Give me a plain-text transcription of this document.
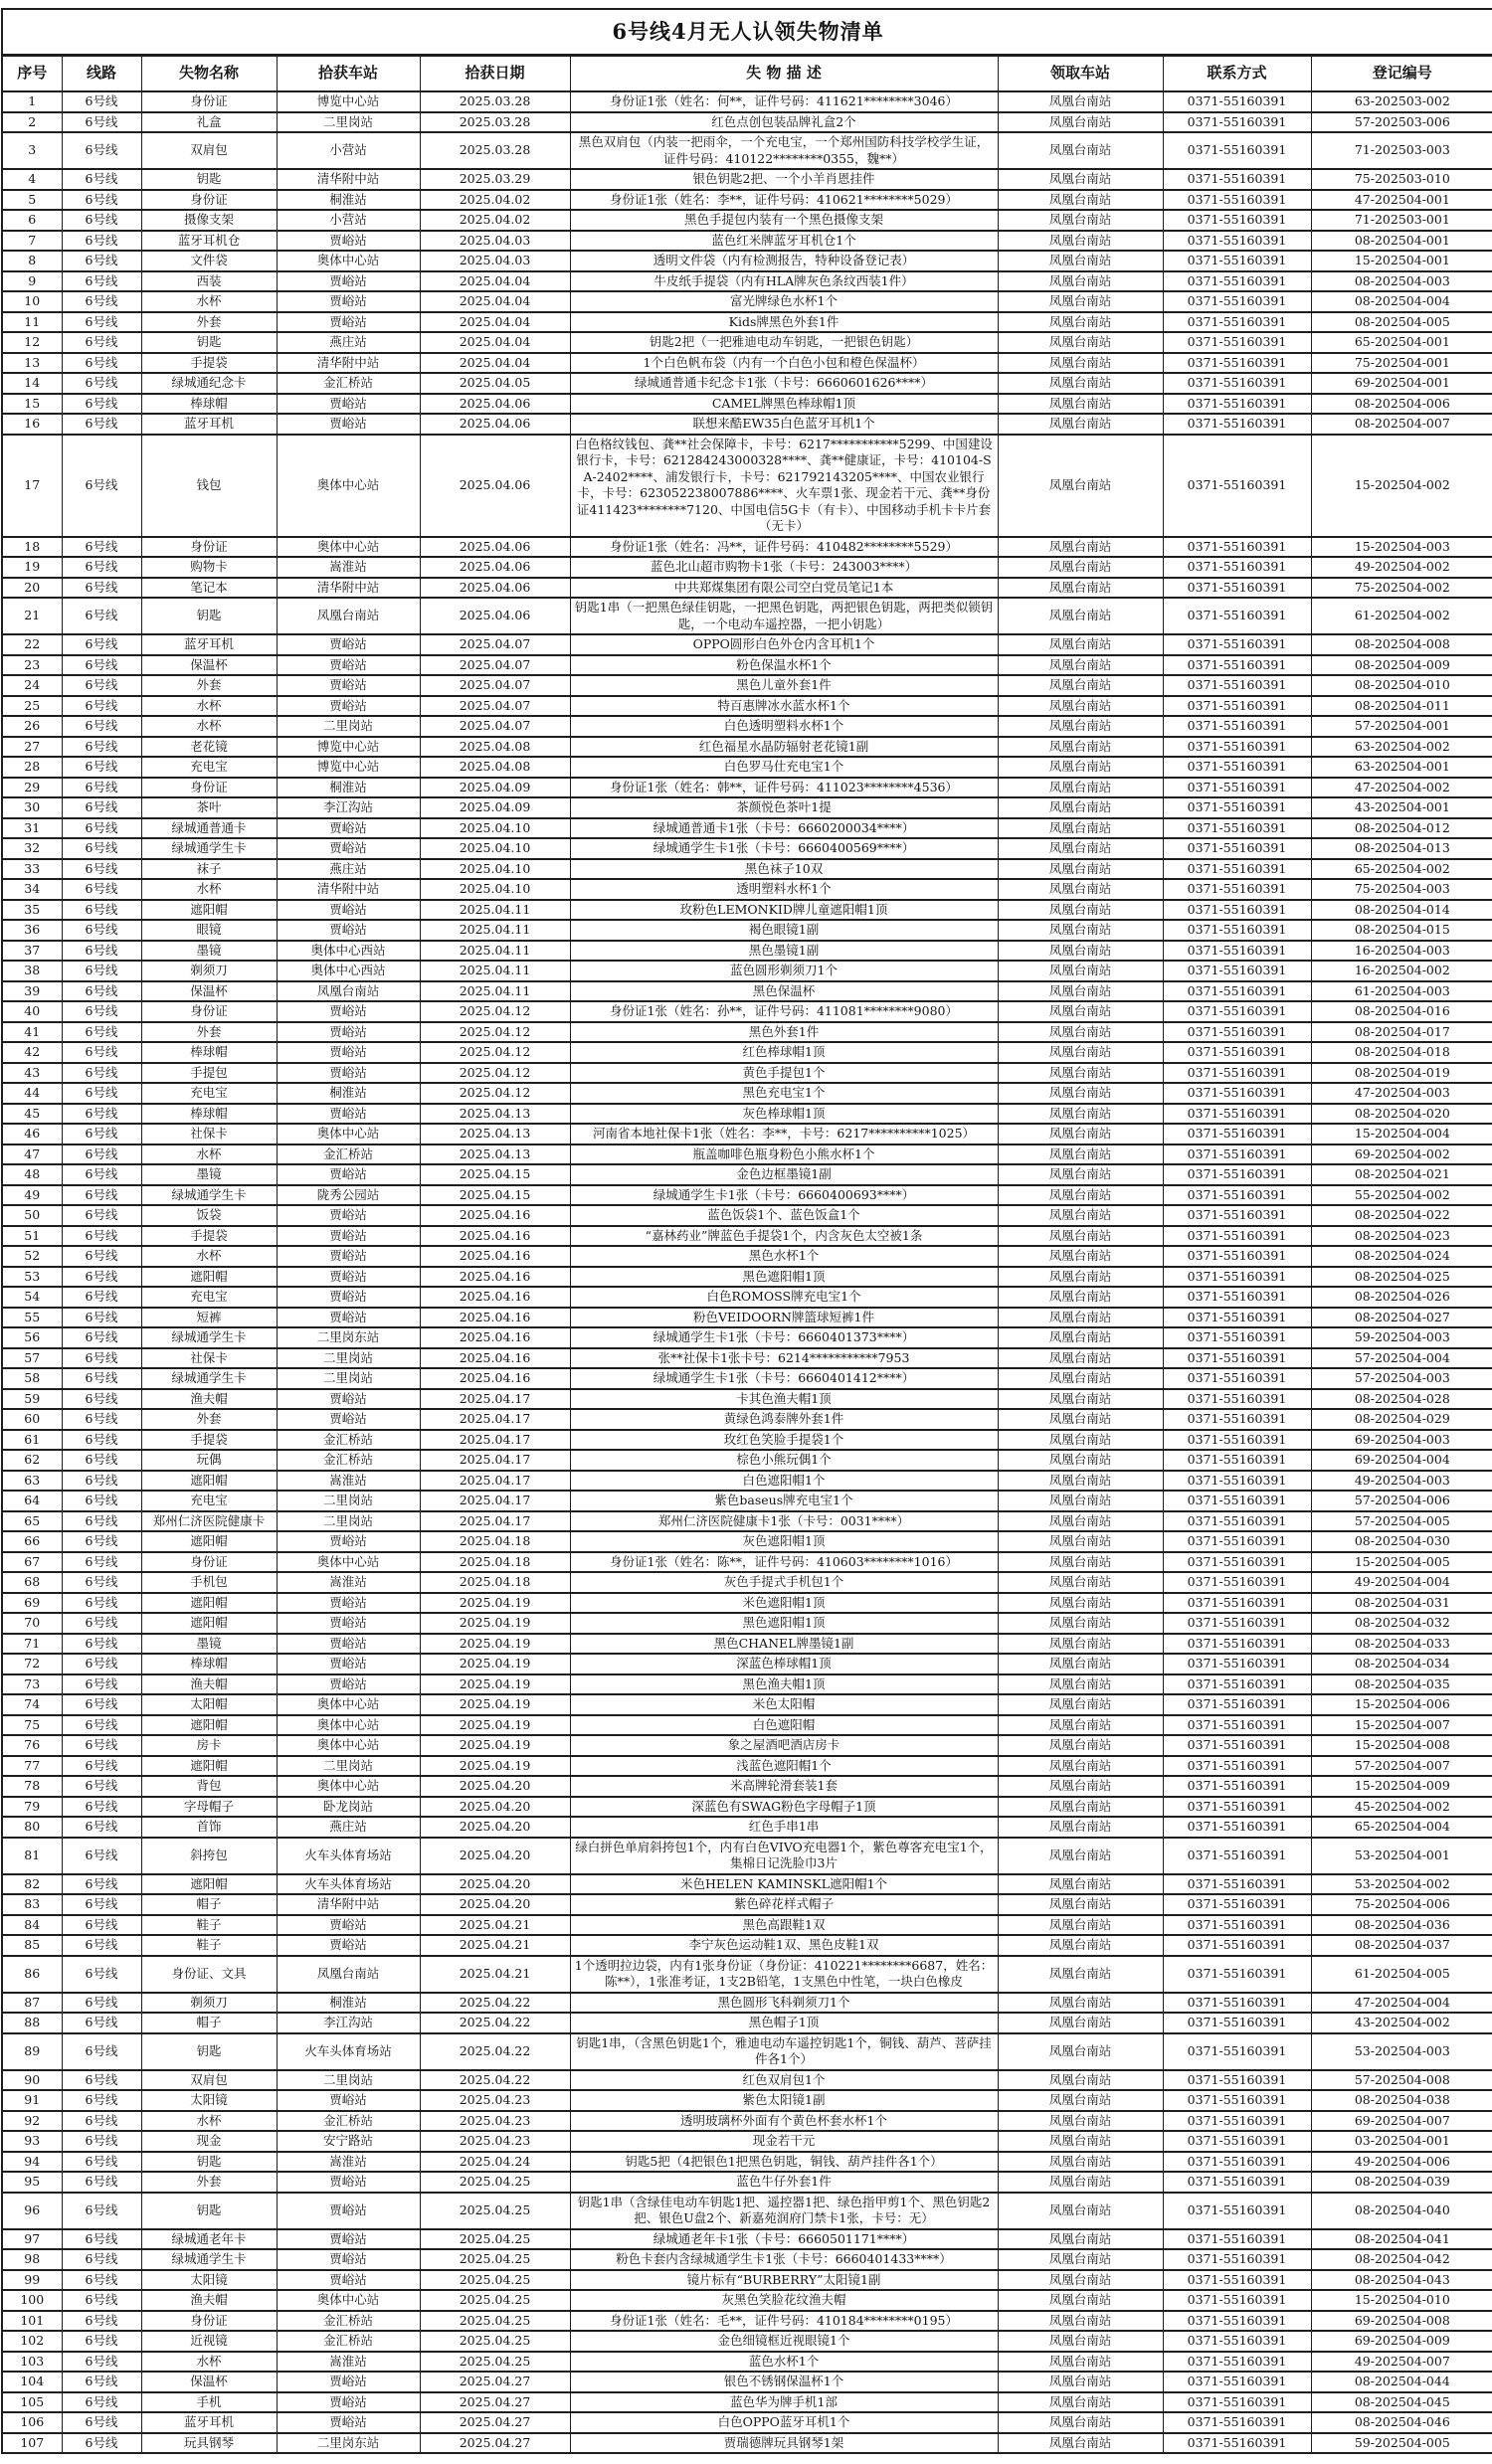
6号线4月无人认领失物清单								
序号	线路	失物名称	拾获车站	拾获日期	失 物 描 述	领取车站	联系方式	登记编号
1	6号线	身份证	博览中心站	2025.03.28	身份证1张（姓名：何**，证件号码：411621********3046）	凤凰台南站	0371-55160391	63-202503-002
2	6号线	礼盒	二里岗站	2025.03.28	红色点创包装品牌礼盒2个	凤凰台南站	0371-55160391	57-202503-006
3	6号线	双肩包	小营站	2025.03.28	黑色双肩包（内装一把雨伞，一个充电宝，一个郑州国防科技学校学生证，证件号码：410122********0355，魏**）	凤凰台南站	0371-55160391	71-202503-003
4	6号线	钥匙	清华附中站	2025.03.29	银色钥匙2把、一个小羊肖恩挂件	凤凰台南站	0371-55160391	75-202503-010
5	6号线	身份证	桐淮站	2025.04.02	身份证1张（姓名：李**，证件号码：410621********5029）	凤凰台南站	0371-55160391	47-202504-001
6	6号线	摄像支架	小营站	2025.04.02	黑色手提包内装有一个黑色摄像支架	凤凰台南站	0371-55160391	71-202503-001
7	6号线	蓝牙耳机仓	贾峪站	2025.04.03	蓝色红米牌蓝牙耳机仓1个	凤凰台南站	0371-55160391	08-202504-001
8	6号线	文件袋	奥体中心站	2025.04.03	透明文件袋（内有检测报告，特种设备登记表）	凤凰台南站	0371-55160391	15-202504-001
9	6号线	西装	贾峪站	2025.04.04	牛皮纸手提袋（内有HLA牌灰色条纹西装1件）	凤凰台南站	0371-55160391	08-202504-003
10	6号线	水杯	贾峪站	2025.04.04	富光牌绿色水杯1个	凤凰台南站	0371-55160391	08-202504-004
11	6号线	外套	贾峪站	2025.04.04	Kids牌黑色外套1件	凤凰台南站	0371-55160391	08-202504-005
12	6号线	钥匙	燕庄站	2025.04.04	钥匙2把（一把雅迪电动车钥匙，一把银色钥匙）	凤凰台南站	0371-55160391	65-202504-001
13	6号线	手提袋	清华附中站	2025.04.04	1个白色帆布袋（内有一个白色小包和橙色保温杯）	凤凰台南站	0371-55160391	75-202504-001
14	6号线	绿城通纪念卡	金汇桥站	2025.04.05	绿城通普通卡纪念卡1张（卡号：6660601626****）	凤凰台南站	0371-55160391	69-202504-001
15	6号线	棒球帽	贾峪站	2025.04.06	CAMEL牌黑色棒球帽1顶	凤凰台南站	0371-55160391	08-202504-006
16	6号线	蓝牙耳机	贾峪站	2025.04.06	联想来酷EW35白色蓝牙耳机1个	凤凰台南站	0371-55160391	08-202504-007
17	6号线	钱包	奥体中心站	2025.04.06	白色格纹钱包、龚**社会保障卡，卡号：6217***********5299、中国建设银行卡，卡号：621284243000328****、龚**健康证，卡号：410104-SA-2402****、浦发银行卡，卡号：621792143205****、中国农业银行卡，卡号：623052238007886****、火车票1张、现金若干元、龚**身份证411423********7120、中国电信5G卡（有卡）、中国移动手机卡卡片套（无卡）	凤凰台南站	0371-55160391	15-202504-002
18	6号线	身份证	奥体中心站	2025.04.06	身份证1张（姓名：冯**，证件号码：410482********5529）	凤凰台南站	0371-55160391	15-202504-003
19	6号线	购物卡	嵩淮站	2025.04.06	蓝色北山超市购物卡1张（卡号：243003****）	凤凰台南站	0371-55160391	49-202504-002
20	6号线	笔记本	清华附中站	2025.04.06	中共郑煤集团有限公司空白党员笔记1本	凤凰台南站	0371-55160391	75-202504-002
21	6号线	钥匙	凤凰台南站	2025.04.06	钥匙1串（一把黑色绿佳钥匙，一把黑色钥匙，两把银色钥匙，两把类似锁钥匙，一个电动车遥控器，一把小钥匙）	凤凰台南站	0371-55160391	61-202504-002
22	6号线	蓝牙耳机	贾峪站	2025.04.07	OPPO圆形白色外仓内含耳机1个	凤凰台南站	0371-55160391	08-202504-008
23	6号线	保温杯	贾峪站	2025.04.07	粉色保温水杯1个	凤凰台南站	0371-55160391	08-202504-009
24	6号线	外套	贾峪站	2025.04.07	黑色儿童外套1件	凤凰台南站	0371-55160391	08-202504-010
25	6号线	水杯	贾峪站	2025.04.07	特百惠牌冰水蓝水杯1个	凤凰台南站	0371-55160391	08-202504-011
26	6号线	水杯	二里岗站	2025.04.07	白色透明塑料水杯1个	凤凰台南站	0371-55160391	57-202504-001
27	6号线	老花镜	博览中心站	2025.04.08	红色福星水晶防辐射老花镜1副	凤凰台南站	0371-55160391	63-202504-002
28	6号线	充电宝	博览中心站	2025.04.08	白色罗马仕充电宝1个	凤凰台南站	0371-55160391	63-202504-001
29	6号线	身份证	桐淮站	2025.04.09	身份证1张（姓名：韩**，证件号码：411023********4536）	凤凰台南站	0371-55160391	47-202504-002
30	6号线	茶叶	李江沟站	2025.04.09	茶颜悦色茶叶1提	凤凰台南站	0371-55160391	43-202504-001
31	6号线	绿城通普通卡	贾峪站	2025.04.10	绿城通普通卡1张（卡号：6660200034****）	凤凰台南站	0371-55160391	08-202504-012
32	6号线	绿城通学生卡	贾峪站	2025.04.10	绿城通学生卡1张（卡号：6660400569****）	凤凰台南站	0371-55160391	08-202504-013
33	6号线	袜子	燕庄站	2025.04.10	黑色袜子10双	凤凰台南站	0371-55160391	65-202504-002
34	6号线	水杯	清华附中站	2025.04.10	透明塑料水杯1个	凤凰台南站	0371-55160391	75-202504-003
35	6号线	遮阳帽	贾峪站	2025.04.11	玫粉色LEMONKID牌儿童遮阳帽1顶	凤凰台南站	0371-55160391	08-202504-014
36	6号线	眼镜	贾峪站	2025.04.11	褐色眼镜1副	凤凰台南站	0371-55160391	08-202504-015
37	6号线	墨镜	奥体中心西站	2025.04.11	黑色墨镜1副	凤凰台南站	0371-55160391	16-202504-003
38	6号线	剃须刀	奥体中心西站	2025.04.11	蓝色圆形剃须刀1个	凤凰台南站	0371-55160391	16-202504-002
39	6号线	保温杯	凤凰台南站	2025.04.11	黑色保温杯	凤凰台南站	0371-55160391	61-202504-003
40	6号线	身份证	贾峪站	2025.04.12	身份证1张（姓名：孙**，证件号码：411081********9080）	凤凰台南站	0371-55160391	08-202504-016
41	6号线	外套	贾峪站	2025.04.12	黑色外套1件	凤凰台南站	0371-55160391	08-202504-017
42	6号线	棒球帽	贾峪站	2025.04.12	红色棒球帽1顶	凤凰台南站	0371-55160391	08-202504-018
43	6号线	手提包	贾峪站	2025.04.12	黄色手提包1个	凤凰台南站	0371-55160391	08-202504-019
44	6号线	充电宝	桐淮站	2025.04.12	黑色充电宝1个	凤凰台南站	0371-55160391	47-202504-003
45	6号线	棒球帽	贾峪站	2025.04.13	灰色棒球帽1顶	凤凰台南站	0371-55160391	08-202504-020
46	6号线	社保卡	奥体中心站	2025.04.13	河南省本地社保卡1张（姓名：李**，卡号：6217**********1025）	凤凰台南站	0371-55160391	15-202504-004
47	6号线	水杯	金汇桥站	2025.04.13	瓶盖咖啡色瓶身粉色小熊水杯1个	凤凰台南站	0371-55160391	69-202504-002
48	6号线	墨镜	贾峪站	2025.04.15	金色边框墨镜1副	凤凰台南站	0371-55160391	08-202504-021
49	6号线	绿城通学生卡	陇秀公园站	2025.04.15	绿城通学生卡1张（卡号：6660400693****）	凤凰台南站	0371-55160391	55-202504-002
50	6号线	饭袋	贾峪站	2025.04.16	蓝色饭袋1个、蓝色饭盒1个	凤凰台南站	0371-55160391	08-202504-022
51	6号线	手提袋	贾峪站	2025.04.16	“嘉林药业”牌蓝色手提袋1个，内含灰色太空被1条	凤凰台南站	0371-55160391	08-202504-023
52	6号线	水杯	贾峪站	2025.04.16	黑色水杯1个	凤凰台南站	0371-55160391	08-202504-024
53	6号线	遮阳帽	贾峪站	2025.04.16	黑色遮阳帽1顶	凤凰台南站	0371-55160391	08-202504-025
54	6号线	充电宝	贾峪站	2025.04.16	白色ROMOSS牌充电宝1个	凤凰台南站	0371-55160391	08-202504-026
55	6号线	短裤	贾峪站	2025.04.16	粉色VEIDOORN牌篮球短裤1件	凤凰台南站	0371-55160391	08-202504-027
56	6号线	绿城通学生卡	二里岗东站	2025.04.16	绿城通学生卡1张（卡号：6660401373****）	凤凰台南站	0371-55160391	59-202504-003
57	6号线	社保卡	二里岗站	2025.04.16	张**社保卡1张卡号：6214***********7953	凤凰台南站	0371-55160391	57-202504-004
58	6号线	绿城通学生卡	二里岗站	2025.04.16	绿城通学生卡1张（卡号：6660401412****）	凤凰台南站	0371-55160391	57-202504-003
59	6号线	渔夫帽	贾峪站	2025.04.17	卡其色渔夫帽1顶	凤凰台南站	0371-55160391	08-202504-028
60	6号线	外套	贾峪站	2025.04.17	黄绿色鸿泰牌外套1件	凤凰台南站	0371-55160391	08-202504-029
61	6号线	手提袋	金汇桥站	2025.04.17	玫红色笑脸手提袋1个	凤凰台南站	0371-55160391	69-202504-003
62	6号线	玩偶	金汇桥站	2025.04.17	棕色小熊玩偶1个	凤凰台南站	0371-55160391	69-202504-004
63	6号线	遮阳帽	嵩淮站	2025.04.17	白色遮阳帽1个	凤凰台南站	0371-55160391	49-202504-003
64	6号线	充电宝	二里岗站	2025.04.17	紫色baseus牌充电宝1个	凤凰台南站	0371-55160391	57-202504-006
65	6号线	郑州仁济医院健康卡	二里岗站	2025.04.17	郑州仁济医院健康卡1张（卡号：0031****）	凤凰台南站	0371-55160391	57-202504-005
66	6号线	遮阳帽	贾峪站	2025.04.18	灰色遮阳帽1顶	凤凰台南站	0371-55160391	08-202504-030
67	6号线	身份证	奥体中心站	2025.04.18	身份证1张（姓名：陈**，证件号码：410603********1016）	凤凰台南站	0371-55160391	15-202504-005
68	6号线	手机包	嵩淮站	2025.04.18	灰色手提式手机包1个	凤凰台南站	0371-55160391	49-202504-004
69	6号线	遮阳帽	贾峪站	2025.04.19	米色遮阳帽1顶	凤凰台南站	0371-55160391	08-202504-031
70	6号线	遮阳帽	贾峪站	2025.04.19	黑色遮阳帽1顶	凤凰台南站	0371-55160391	08-202504-032
71	6号线	墨镜	贾峪站	2025.04.19	黑色CHANEL牌墨镜1副	凤凰台南站	0371-55160391	08-202504-033
72	6号线	棒球帽	贾峪站	2025.04.19	深蓝色棒球帽1顶	凤凰台南站	0371-55160391	08-202504-034
73	6号线	渔夫帽	贾峪站	2025.04.19	黑色渔夫帽1顶	凤凰台南站	0371-55160391	08-202504-035
74	6号线	太阳帽	奥体中心站	2025.04.19	米色太阳帽	凤凰台南站	0371-55160391	15-202504-006
75	6号线	遮阳帽	奥体中心站	2025.04.19	白色遮阳帽	凤凰台南站	0371-55160391	15-202504-007
76	6号线	房卡	奥体中心站	2025.04.19	象之屋酒吧酒店房卡	凤凰台南站	0371-55160391	15-202504-008
77	6号线	遮阳帽	二里岗站	2025.04.19	浅蓝色遮阳帽1个	凤凰台南站	0371-55160391	57-202504-007
78	6号线	背包	奥体中心站	2025.04.20	米高牌轮滑套装1套	凤凰台南站	0371-55160391	15-202504-009
79	6号线	字母帽子	卧龙岗站	2025.04.20	深蓝色有SWAG粉色字母帽子1顶	凤凰台南站	0371-55160391	45-202504-002
80	6号线	首饰	燕庄站	2025.04.20	红色手串1串	凤凰台南站	0371-55160391	65-202504-004
81	6号线	斜挎包	火车头体育场站	2025.04.20	绿白拼色单肩斜挎包1个，内有白色VIVO充电器1个，紫色尊客充电宝1个，集棉日记洗脸巾3片	凤凰台南站	0371-55160391	53-202504-001
82	6号线	遮阳帽	火车头体育场站	2025.04.20	米色HELEN KAMINSKL遮阳帽1个	凤凰台南站	0371-55160391	53-202504-002
83	6号线	帽子	清华附中站	2025.04.20	紫色碎花样式帽子	凤凰台南站	0371-55160391	75-202504-006
84	6号线	鞋子	贾峪站	2025.04.21	黑色高跟鞋1双	凤凰台南站	0371-55160391	08-202504-036
85	6号线	鞋子	贾峪站	2025.04.21	李宁灰色运动鞋1双、黑色皮鞋1双	凤凰台南站	0371-55160391	08-202504-037
86	6号线	身份证、文具	凤凰台南站	2025.04.21	1个透明拉边袋，内有1张身份证（身份证：410221********6687，姓名：陈**），1张准考证，1支2B铅笔，1支黑色中性笔，一块白色橡皮	凤凰台南站	0371-55160391	61-202504-005
87	6号线	剃须刀	桐淮站	2025.04.22	黑色圆形飞科剃须刀1个	凤凰台南站	0371-55160391	47-202504-004
88	6号线	帽子	李江沟站	2025.04.22	黑色帽子1顶	凤凰台南站	0371-55160391	43-202504-002
89	6号线	钥匙	火车头体育场站	2025.04.22	钥匙1串，（含黑色钥匙1个，雅迪电动车遥控钥匙1个，铜钱、葫芦、菩萨挂件各1个）	凤凰台南站	0371-55160391	53-202504-003
90	6号线	双肩包	二里岗站	2025.04.22	红色双肩包1个	凤凰台南站	0371-55160391	57-202504-008
91	6号线	太阳镜	贾峪站	2025.04.23	紫色太阳镜1副	凤凰台南站	0371-55160391	08-202504-038
92	6号线	水杯	金汇桥站	2025.04.23	透明玻璃杯外面有个黄色杯套水杯1个	凤凰台南站	0371-55160391	69-202504-007
93	6号线	现金	安宁路站	2025.04.23	现金若干元	凤凰台南站	0371-55160391	03-202504-001
94	6号线	钥匙	嵩淮站	2025.04.24	钥匙5把（4把银色1把黑色钥匙，铜钱、葫芦挂件各1个）	凤凰台南站	0371-55160391	49-202504-006
95	6号线	外套	贾峪站	2025.04.25	蓝色牛仔外套1件	凤凰台南站	0371-55160391	08-202504-039
96	6号线	钥匙	贾峪站	2025.04.25	钥匙1串（含绿佳电动车钥匙1把、遥控器1把、绿色指甲剪1个、黑色钥匙2把、银色U盘2个、新嘉苑润府门禁卡1张，卡号：无）	凤凰台南站	0371-55160391	08-202504-040
97	6号线	绿城通老年卡	贾峪站	2025.04.25	绿城通老年卡1张（卡号：6660501171****）	凤凰台南站	0371-55160391	08-202504-041
98	6号线	绿城通学生卡	贾峪站	2025.04.25	粉色卡套内含绿城通学生卡1张（卡号：6660401433****）	凤凰台南站	0371-55160391	08-202504-042
99	6号线	太阳镜	贾峪站	2025.04.25	镜片标有“BURBERRY”太阳镜1副	凤凰台南站	0371-55160391	08-202504-043
100	6号线	渔夫帽	奥体中心站	2025.04.25	灰黑色笑脸花纹渔夫帽	凤凰台南站	0371-55160391	15-202504-010
101	6号线	身份证	金汇桥站	2025.04.25	身份证1张（姓名：毛**，证件号码：410184********0195）	凤凰台南站	0371-55160391	69-202504-008
102	6号线	近视镜	金汇桥站	2025.04.25	金色细镜框近视眼镜1个	凤凰台南站	0371-55160391	69-202504-009
103	6号线	水杯	嵩淮站	2025.04.25	蓝色水杯1个	凤凰台南站	0371-55160391	49-202504-007
104	6号线	保温杯	贾峪站	2025.04.27	银色不锈钢保温杯1个	凤凰台南站	0371-55160391	08-202504-044
105	6号线	手机	贾峪站	2025.04.27	蓝色华为牌手机1部	凤凰台南站	0371-55160391	08-202504-045
106	6号线	蓝牙耳机	贾峪站	2025.04.27	白色OPPO蓝牙耳机1个	凤凰台南站	0371-55160391	08-202504-046
107	6号线	玩具钢琴	二里岗东站	2025.04.27	贾瑞德牌玩具钢琴1架	凤凰台南站	0371-55160391	59-202504-005
